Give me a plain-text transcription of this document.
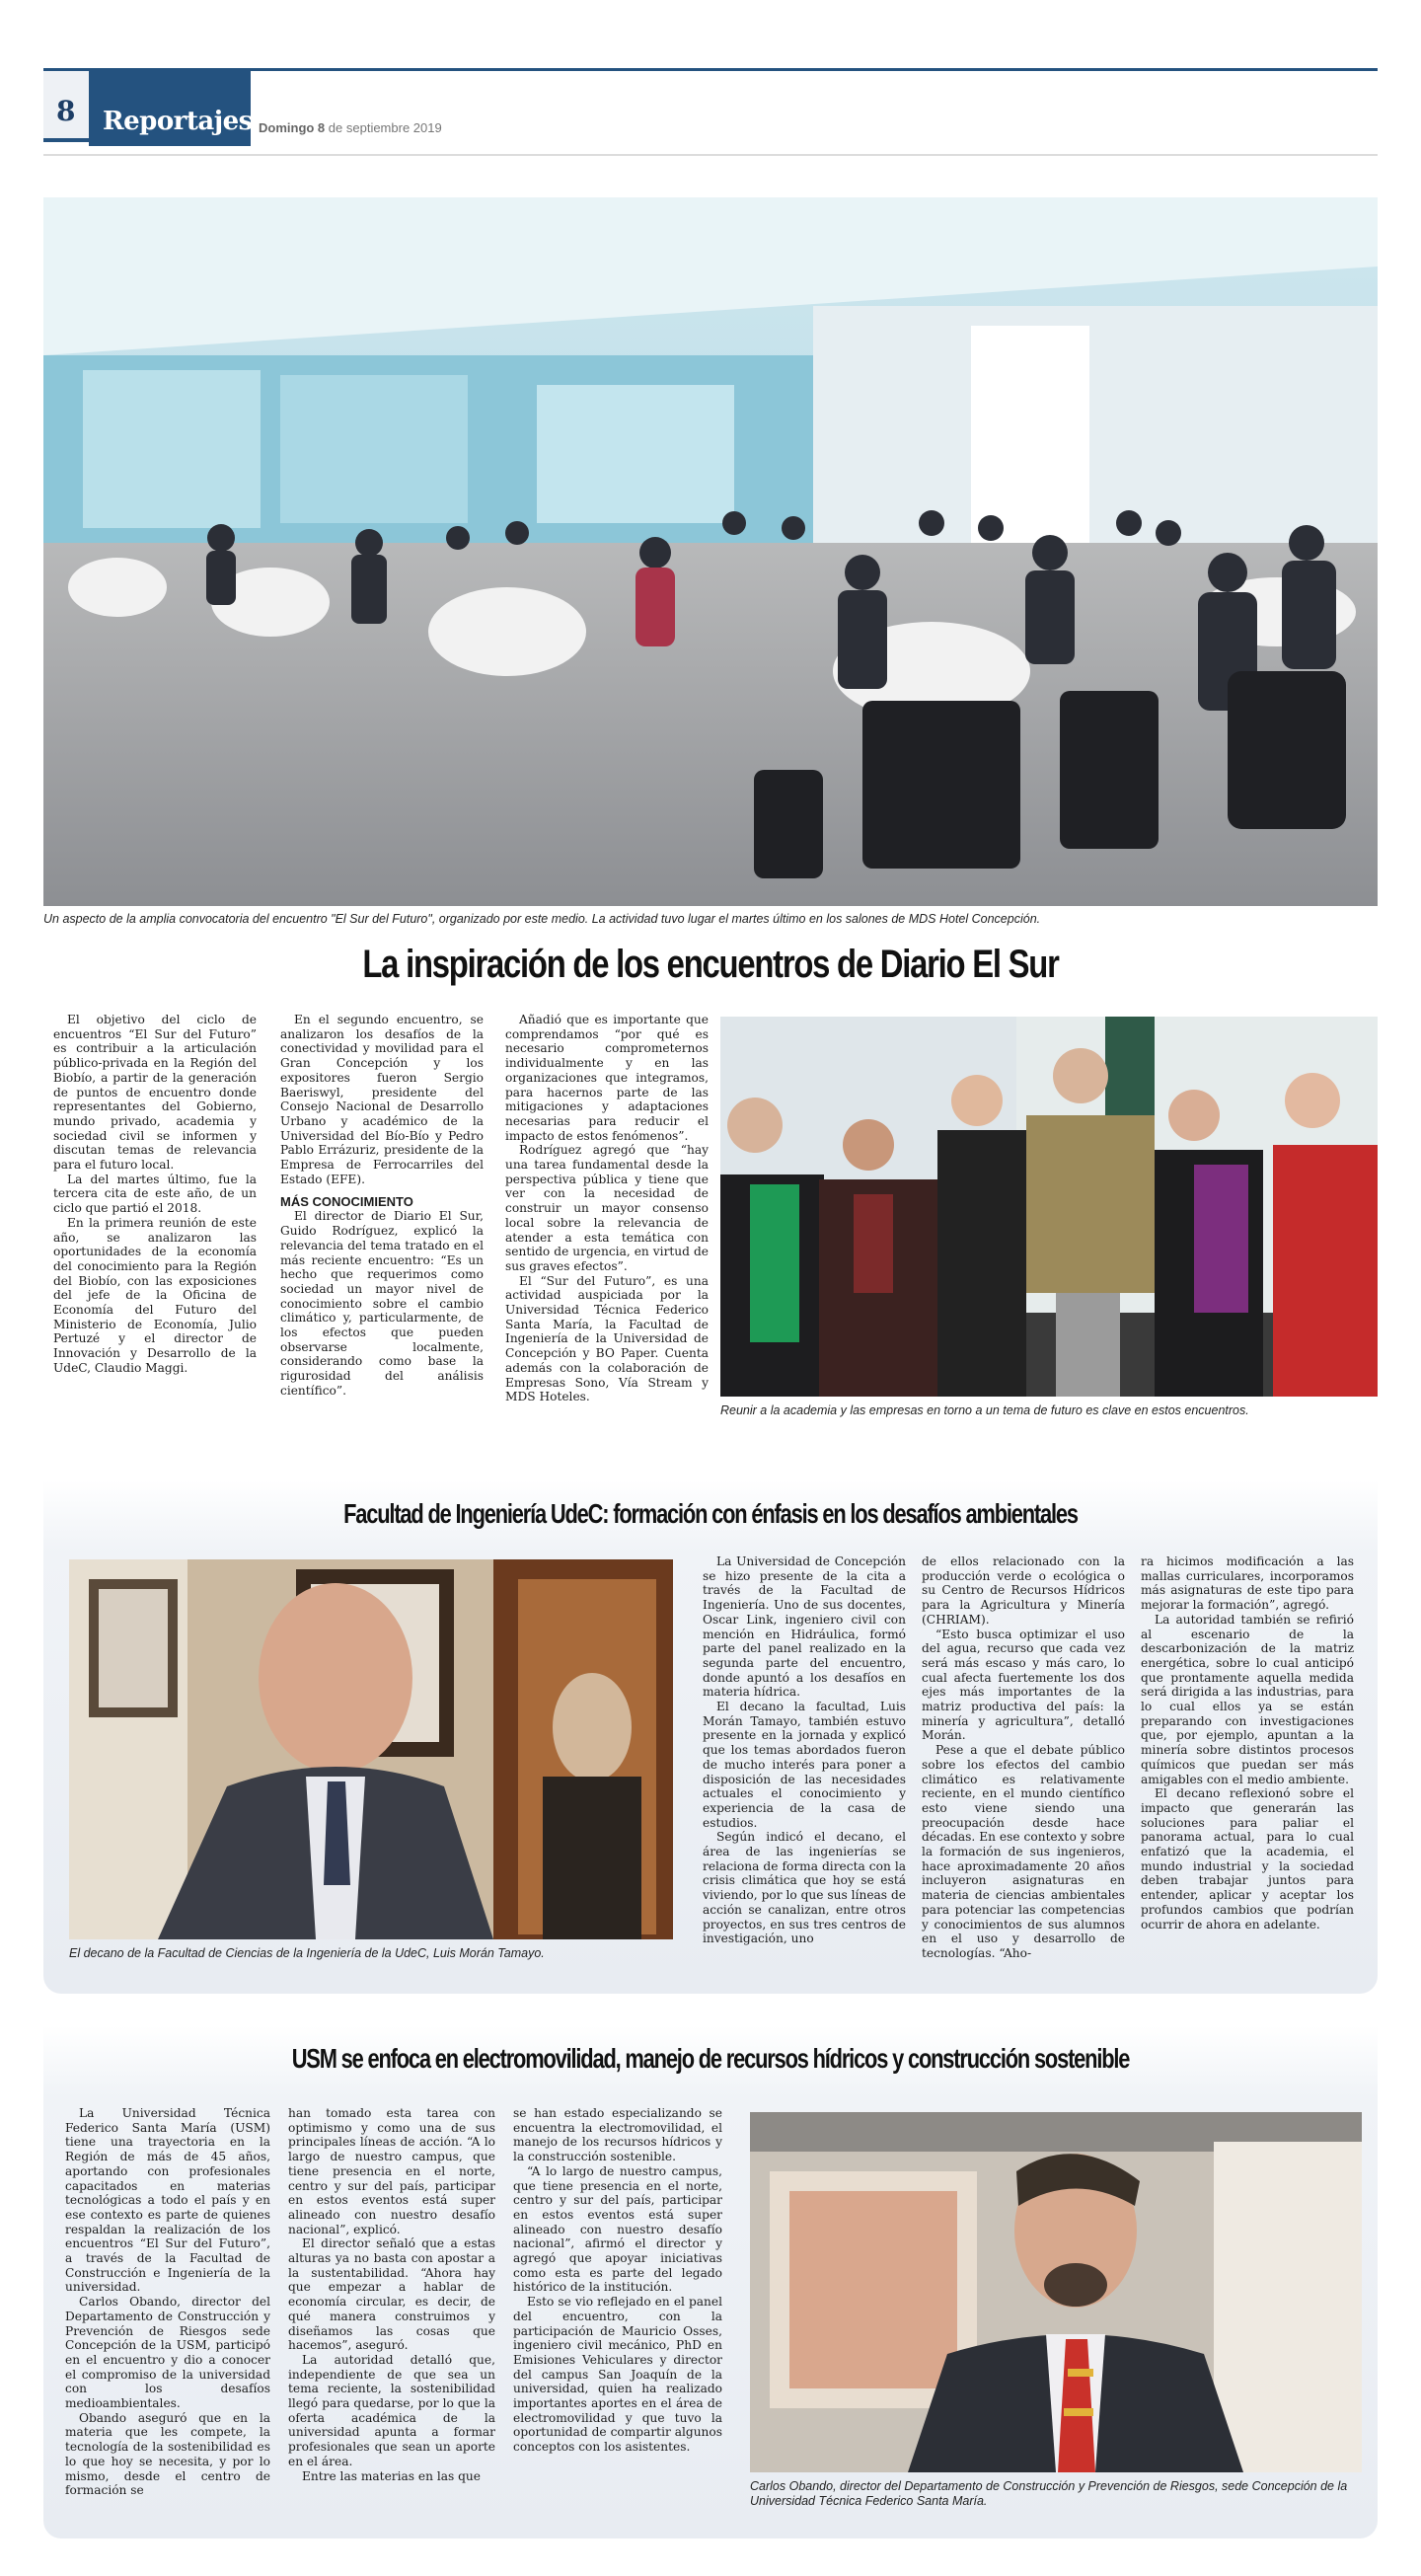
8	Reportajes Domingo 8 de septiembre 2019
Un aspecto de la amplia convocatoria del encuentro "El Sur del Futuro", organizado por este medio. La actividad tuvo lugar el martes último en los salones de MDS Hotel Concepción.
La inspiración de los encuentros de Diario El Sur

El objetivo del ciclo de encuentros “El Sur del Futuro” es contribuir a la articulación público-privada en la Región del Biobío, a partir de la generación de puntos de encuentro donde representantes del Gobierno, mundo privado, academia y sociedad civil se informen y discutan temas de relevancia para el futuro local.

La del martes último, fue la tercera cita de este año, de un ciclo que partió el 2018.

En la primera reunión de este año, se analizaron las oportunidades de la economía del conocimiento para la Región del Biobío, con las exposiciones del jefe de la Oficina de Economía del Futuro del Ministerio de Economía, Julio Pertuzé y el director de Innovación y Desarrollo de la UdeC, Claudio Maggi.

En el segundo encuentro, se analizaron los desafíos de la conectividad y movilidad para el Gran Concepción y los expositores fueron Sergio Baeriswyl, presidente del Consejo Nacional de Desarrollo Urbano y académico de la Universidad del Bío-Bío y Pedro Pablo Errázuriz, presidente de la Empresa de Ferrocarriles del Estado (EFE).

MÁS CONOCIMIENTO

El director de Diario El Sur, Guido Rodríguez, explicó la relevancia del tema tratado en el más reciente encuentro: “Es un hecho que requerimos como sociedad un mayor nivel de conocimiento sobre el cambio climático y, particularmente, de los efectos que pueden observarse localmente, considerando como base la rigurosidad del análisis científico”.

Añadió que es importante que comprendamos “por qué es necesario comprometernos individualmente y en las organizaciones que integramos, para hacernos parte de las mitigaciones y adaptaciones necesarias para reducir el impacto de estos fenómenos”.

Rodríguez agregó que “hay una tarea fundamental desde la perspectiva pública y tiene que ver con la necesidad de construir un mayor consenso local sobre la relevancia de atender a esta temática con sentido de urgencia, en virtud de sus graves efectos”.

El “Sur del Futuro”, es una actividad auspiciada por la Universidad Técnica Federico Santa María, la Facultad de Ingeniería de la Universidad de Concepción y BO Paper. Cuenta además con la colaboración de Empresas Sono, Vía Stream y MDS Hoteles.

Reunir a la academia y las empresas en torno a un tema de futuro es clave en estos encuentros.
Facultad de Ingeniería UdeC: formación con énfasis en los desafíos ambientales
El decano de la Facultad de Ciencias de la Ingeniería de la UdeC, Luis Morán Tamayo.

La Universidad de Concepción se hizo presente de la cita a través de la Facultad de Ingeniería. Uno de sus docentes, Oscar Link, ingeniero civil con mención en Hidráulica, formó parte del panel realizado en la segunda parte del encuentro, donde apuntó a los desafíos en materia hídrica.

El decano la facultad, Luis Morán Tamayo, también estuvo presente en la jornada y explicó que los temas abordados fueron de mucho interés para poner a disposición de las necesidades actuales el conocimiento y experiencia de la casa de estudios.

Según indicó el decano, el área de las ingenierías se relaciona de forma directa con la crisis climática que hoy se está viviendo, por lo que sus líneas de acción se canalizan, entre otros proyectos, en sus tres centros de investigación, uno

de ellos relacionado con la producción verde o ecológica o su Centro de Recursos Hídricos para la Agricultura y Minería (CHRIAM).

“Esto busca optimizar el uso del agua, recurso que cada vez será más escaso y más caro, lo cual afecta fuertemente los dos ejes más importantes de la matriz productiva del país: la minería y agricultura”, detalló Morán.

Pese a que el debate público sobre los efectos del cambio climático es relativamente reciente, en el mundo científico esto viene siendo una preocupación desde hace décadas. En ese contexto y sobre la formación de sus ingenieros, hace aproximadamente 20 años incluyeron asignaturas en materia de ciencias ambientales para potenciar las competencias y conocimientos de sus alumnos en el uso y desarrollo de tecnologías. “Aho-

ra hicimos modificación a las mallas curriculares, incorporamos más asignaturas de este tipo para mejorar la formación”, agregó.

La autoridad también se refirió al escenario de la descarbonización de la matriz energética, sobre lo cual anticipó que prontamente aquella medida será dirigida a las industrias, para lo cual ellos ya se están preparando con investigaciones que, por ejemplo, apuntan a la minería sobre distintos procesos químicos que puedan ser más amigables con el medio ambiente.

El decano reflexionó sobre el impacto que generarán las soluciones para paliar el panorama actual, para lo cual enfatizó que la academia, el mundo industrial y la sociedad deben trabajar juntos para entender, aplicar y aceptar los profundos cambios que podrían ocurrir de ahora en adelante.

USM se enfoca en electromovilidad, manejo de recursos hídricos y construcción sostenible

La Universidad Técnica Federico Santa María (USM) tiene una trayectoria en la Región de más de 45 años, aportando con profesionales capacitados en materias tecnológicas a todo el país y en ese contexto es parte de quienes respaldan la realización de los encuentros “El Sur del Futuro”, a través de la Facultad de Construcción e Ingeniería de la universidad.

Carlos Obando, director del Departamento de Construcción y Prevención de Riesgos sede Concepción de la USM, participó en el encuentro y dio a conocer el compromiso de la universidad con los desafíos medioambientales.

Obando aseguró que en la materia que les compete, la tecnología de la sostenibilidad es lo que hoy se necesita, y por lo mismo, desde el centro de formación se

han tomado esta tarea con optimismo y como una de sus principales líneas de acción. “A lo largo de nuestro campus, que tiene presencia en el norte, centro y sur del país, participar en estos eventos está super alineado con nuestro desafío nacional”, explicó.

El director señaló que a estas alturas ya no basta con apostar a la sustentabilidad. “Ahora hay que empezar a hablar de economía circular, es decir, de qué manera construimos y diseñamos las cosas que hacemos”, aseguró.

La autoridad detalló que, independiente de que sea un tema reciente, la sostenibilidad llegó para quedarse, por lo que la oferta académica de la universidad apunta a formar profesionales que sean un aporte en el área.

Entre las materias en las que

se han estado especializando se encuentra la electromovilidad, el manejo de los recursos hídricos y la construcción sostenible.

“A lo largo de nuestro campus, que tiene presencia en el norte, centro y sur del país, participar en estos eventos está super alineado con nuestro desafío nacional”, afirmó el director y agregó que apoyar iniciativas como esta es parte del legado histórico de la institución.

Esto se vio reflejado en el panel del encuentro, con la participación de Mauricio Osses, ingeniero civil mecánico, PhD en Emisiones Vehiculares y director del campus San Joaquín de la universidad, quien ha realizado importantes aportes en el área de electromovilidad y que tuvo la oportunidad de compartir algunos conceptos con los asistentes.

Carlos Obando, director del Departamento de Construcción y Prevención de Riesgos, sede Concepción de la Universidad Técnica Federico Santa María.
